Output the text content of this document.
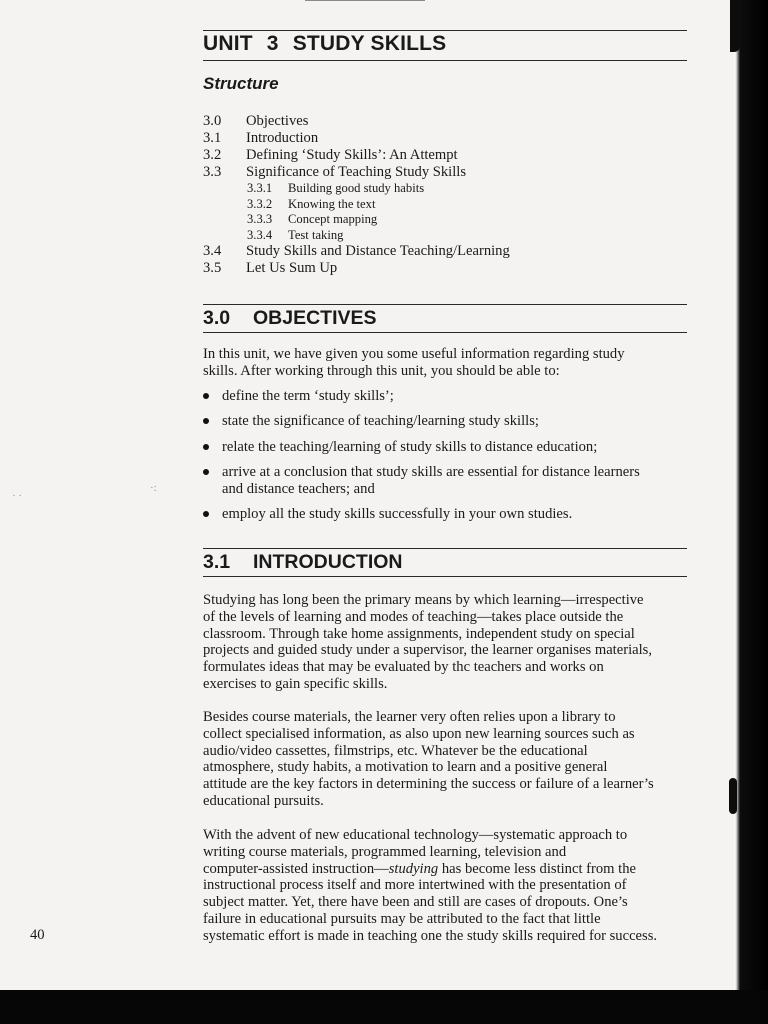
·:
· ·
UNIT 3 STUDY SKILLS
Structure
3.0 Objectives
3.1 Introduction
3.2 Defining ‘Study Skills’: An Attempt
3.3 Significance of Teaching Study Skills
3.3.1 Building good study habits
3.3.2 Knowing the text
3.3.3 Concept mapping
3.3.4 Test taking
3.4 Study Skills and Distance Teaching/Learning
3.5 Let Us Sum Up
3.0 OBJECTIVES

In this unit, we have given you some useful information regarding study
skills. After working through this unit, you should be able to:

define the term ‘study skills’;
state the significance of teaching/learning study skills;
relate the teaching/learning of study skills to distance education;
arrive at a conclusion that study skills are essential for distance learners
and distance teachers; and
employ all the study skills successfully in your own studies.
3.1 INTRODUCTION

Studying has long been the primary means by which learning—irrespective
of the levels of learning and modes of teaching—takes place outside the
classroom. Through take home assignments, independent study on special
projects and guided study under a supervisor, the learner organises materials,
formulates ideas that may be evaluated by thc teachers and works on
exercises to gain specific skills.

Besides course materials, the learner very often relies upon a library to
collect specialised information, as also upon new learning sources such as
audio/video cassettes, filmstrips, etc. Whatever be the educational
atmosphere, study habits, a motivation to learn and a positive general
attitude are the key factors in determining the success or failure of a learner’s
educational pursuits.

With the advent of new educational technology—systematic approach to
writing course materials, programmed learning, television and
computer-assisted instruction—studying has become less distinct from the
instructional process itself and more intertwined with the presentation of
subject matter. Yet, there have been and still are cases of dropouts. One’s
failure in educational pursuits may be attributed to the fact that little
systematic effort is made in teaching one the study skills required for success.

40
